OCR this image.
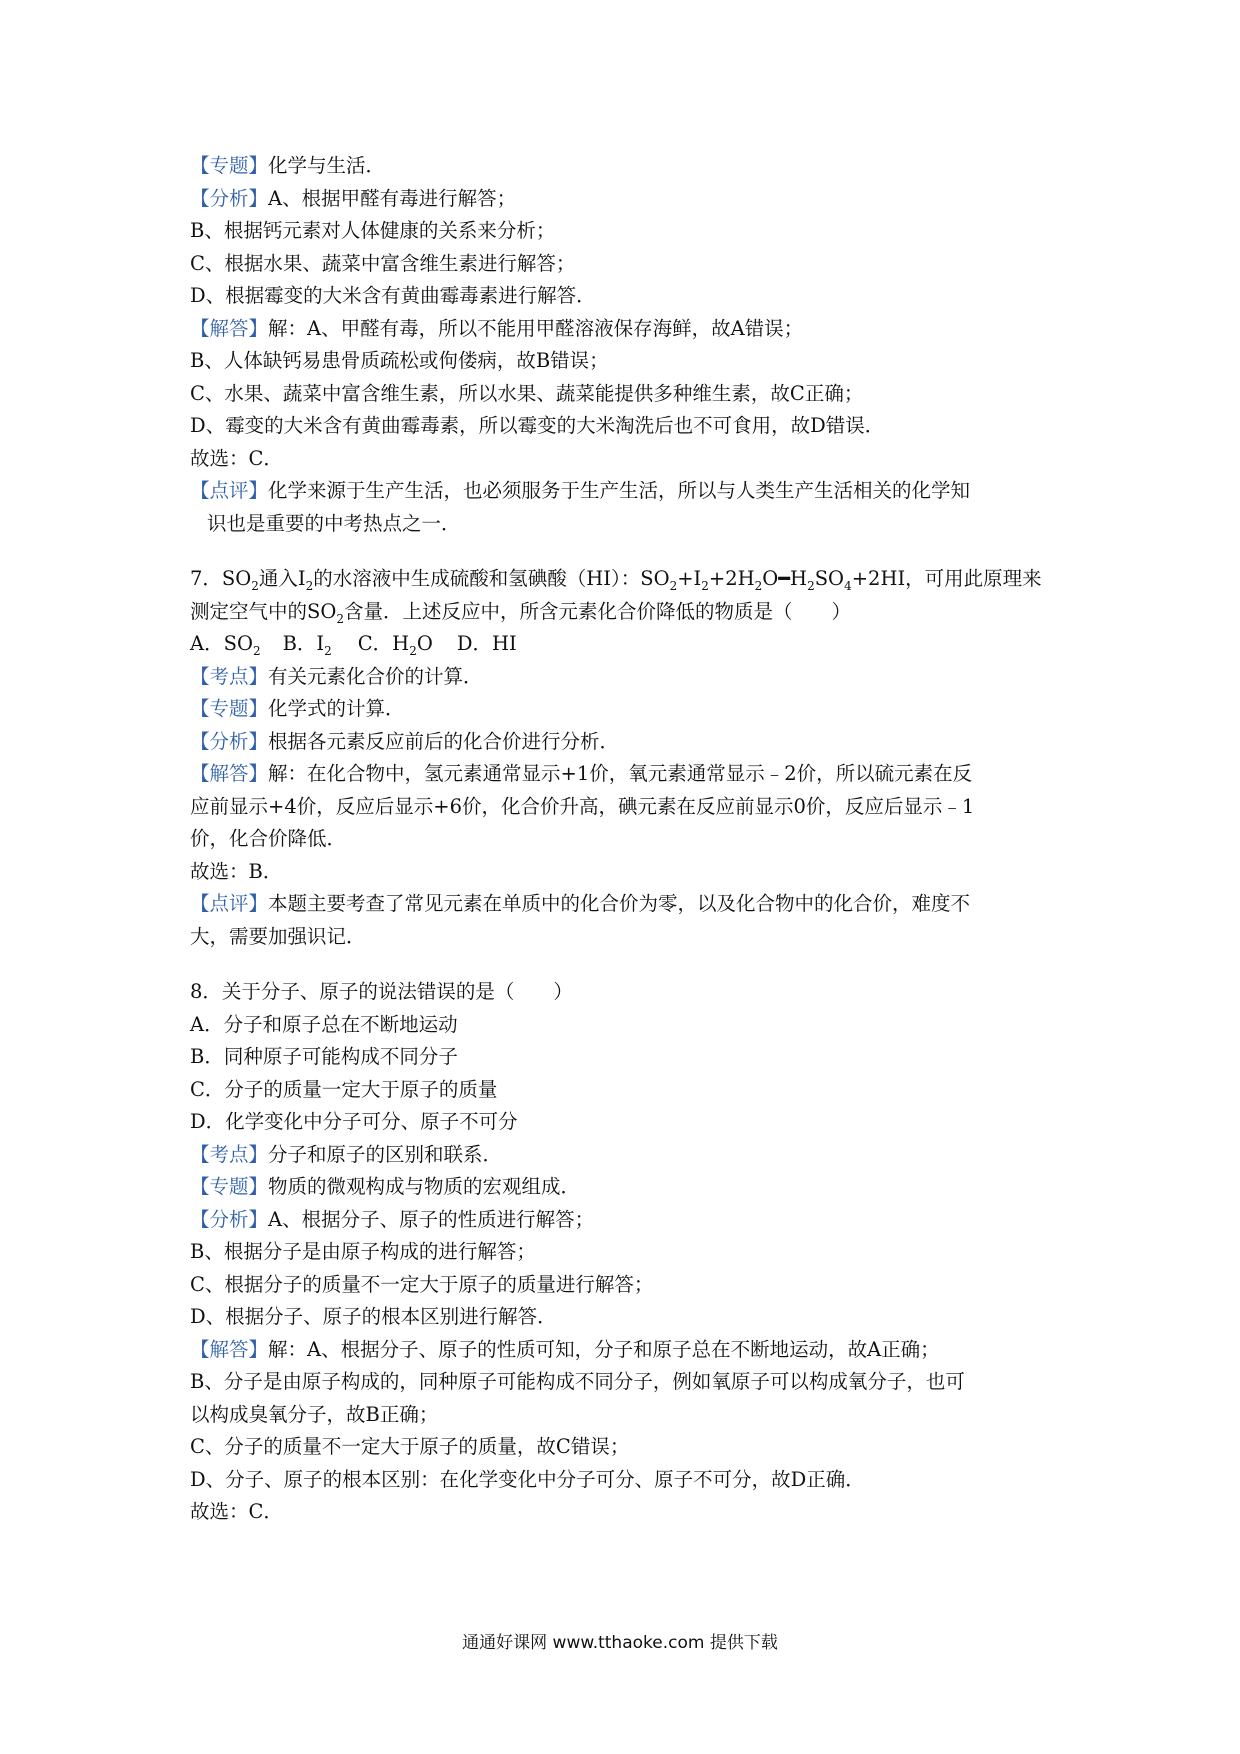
【专题】化学与生活．
【分析】A、根据甲醛有毒进行解答；
B、根据钙元素对人体健康的关系来分析；
C、根据水果、蔬菜中富含维生素进行解答；
D、根据霉变的大米含有黄曲霉毒素进行解答．
【解答】解：A、甲醛有毒，所以不能用甲醛溶液保存海鲜，故A错误；
B、人体缺钙易患骨质疏松或佝偻病，故B错误；
C、水果、蔬菜中富含维生素，所以水果、蔬菜能提供多种维生素，故C正确；
D、霉变的大米含有黄曲霉毒素，所以霉变的大米淘洗后也不可食用，故D错误．
故选：C．
【点评】化学来源于生产生活，也必须服务于生产生活，所以与人类生产生活相关的化学知
识也是重要的中考热点之一．
7．$SO_2$通入$I_2$的水溶液中生成硫酸和氢碘酸（HI）：$SO_2+I_2+2H_2O━H_2SO_4+2HI$，可用此原理来
测定空气中的$SO_2$含量．上述反应中，所含元素化合价降低的物质是（　　）
A．$SO_2$ B．$I_2$ C．$H_2O$ D．HI
【考点】有关元素化合价的计算．
【专题】化学式的计算．
【分析】根据各元素反应前后的化合价进行分析．
【解答】解：在化合物中，氢元素通常显示+1价，氧元素通常显示﹣2价，所以硫元素在反
应前显示+4价，反应后显示+6价，化合价升高，碘元素在反应前显示0价，反应后显示﹣1
价，化合价降低．
故选：B．
【点评】本题主要考查了常见元素在单质中的化合价为零，以及化合物中的化合价，难度不
大，需要加强识记．
8．关于分子、原子的说法错误的是（　　）
A．分子和原子总在不断地运动
B．同种原子可能构成不同分子
C．分子的质量一定大于原子的质量
D．化学变化中分子可分、原子不可分
【考点】分子和原子的区别和联系．
【专题】物质的微观构成与物质的宏观组成．
【分析】A、根据分子、原子的性质进行解答；
B、根据分子是由原子构成的进行解答；
C、根据分子的质量不一定大于原子的质量进行解答；
D、根据分子、原子的根本区别进行解答．
【解答】解：A、根据分子、原子的性质可知，分子和原子总在不断地运动，故A正确；
B、分子是由原子构成的，同种原子可能构成不同分子，例如氧原子可以构成氧分子，也可
以构成臭氧分子，故B正确；
C、分子的质量不一定大于原子的质量，故C错误；
D、分子、原子的根本区别：在化学变化中分子可分、原子不可分，故D正确．
故选：C．
通通好课网 www.tthaoke.com 提供下载
